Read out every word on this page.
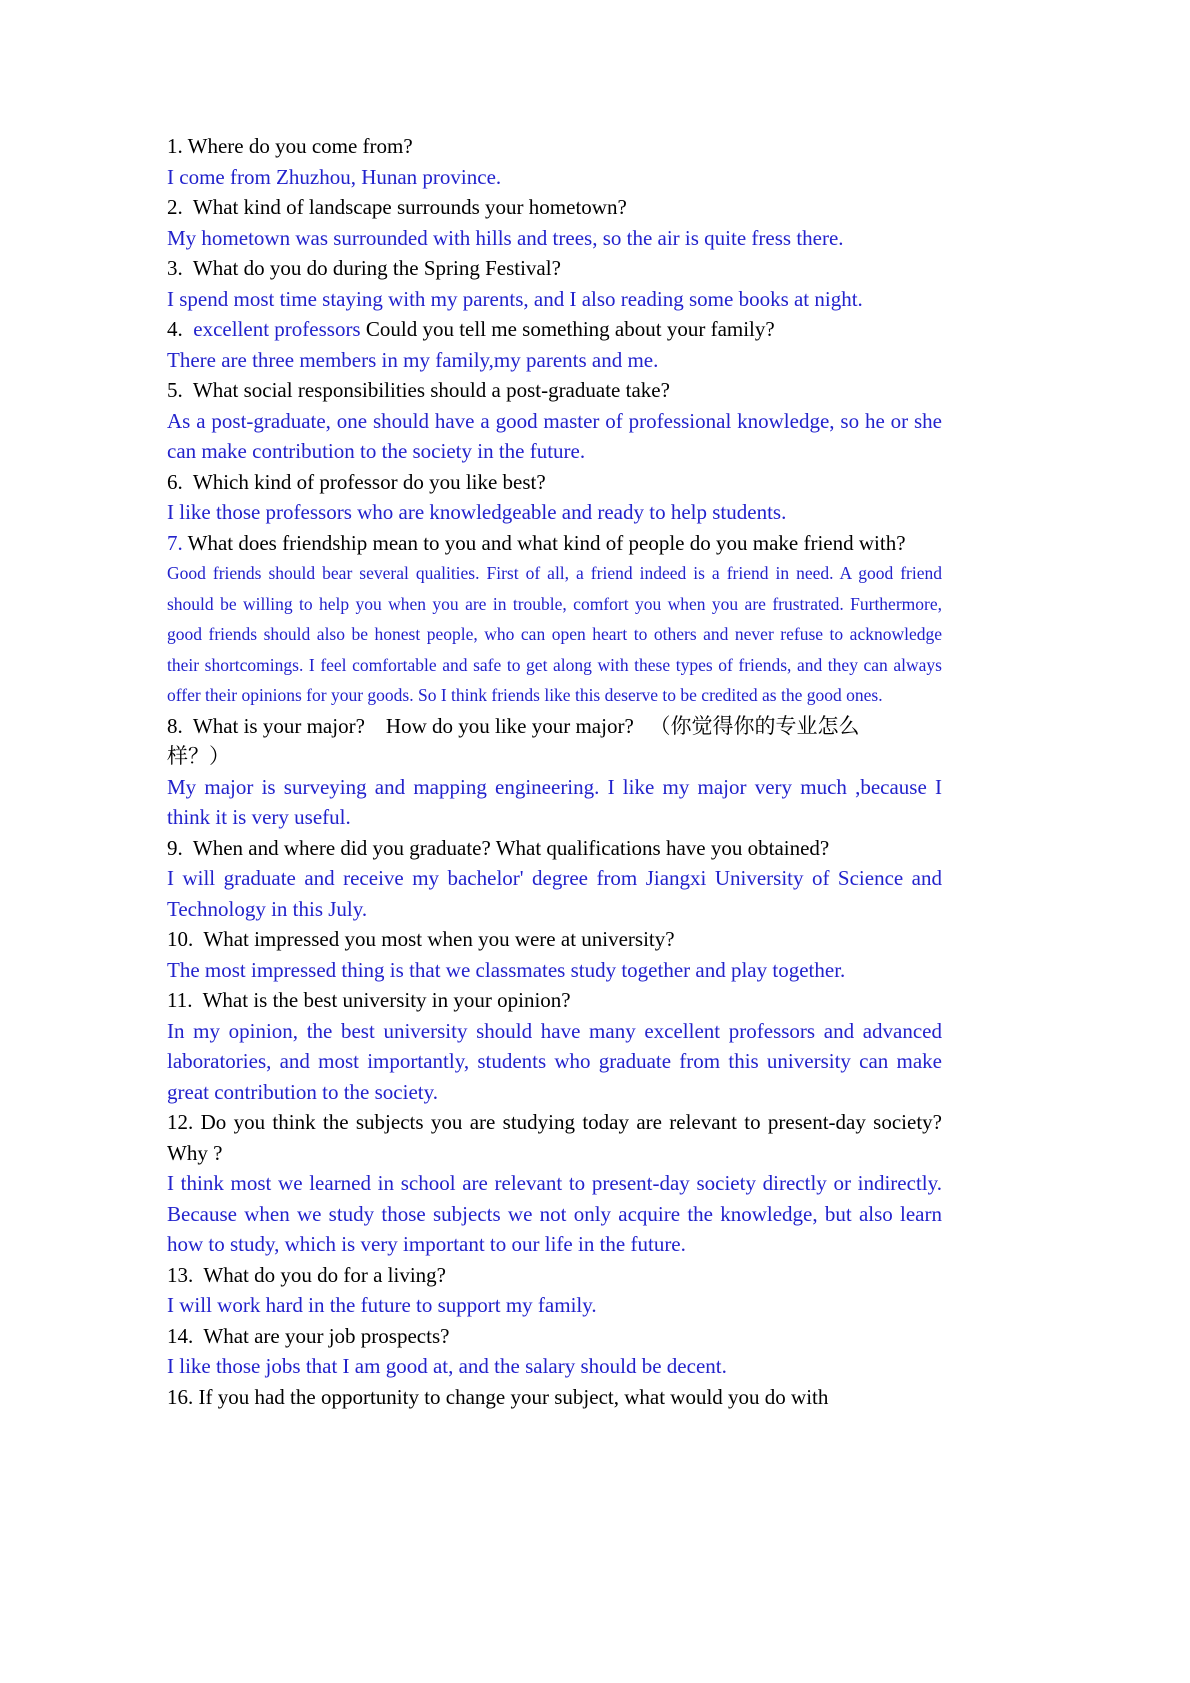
1. Where do you come from?

I come from Zhuzhou, Hunan province.

2.  What kind of landscape surrounds your hometown?

My hometown was surrounded with hills and trees, so the air is quite fress there.

3.  What do you do during the Spring Festival?

I spend most time staying with my parents, and I also reading some books at night.

4.  excellent professors Could you tell me something about your family?

There are three members in my family,my parents and me.

5.  What social responsibilities should a post-graduate take?

As a post-graduate, one should have a good master of professional knowledge, so he or she can make contribution to the society in the future.

6.  Which kind of professor do you like best?

I like those professors who are knowledgeable and ready to help students.

7. What does friendship mean to you and what kind of people do you make friend with?

Good friends should bear several qualities. First of all, a friend indeed is a friend in need. A good friend should be willing to help you when you are in trouble, comfort you when you are frustrated. Furthermore, good friends should also be honest people, who can open heart to others and never refuse to acknowledge their shortcomings. I feel comfortable and safe to get along with these types of friends, and they can always offer their opinions for your goods. So I think friends like this deserve to be credited as the good ones.

8.  What is your major?    How do you like your major?   （你觉得你的专业怎么
样？）

My major is surveying and mapping engineering. I like my major very much ,because I think it is very useful.

9.  When and where did you graduate? What qualifications have you obtained?

I will graduate and receive my bachelor' degree from Jiangxi University of Science and Technology in this July.

10.  What impressed you most when you were at university?

The most impressed thing is that we classmates study together and play together.

11.  What is the best university in your opinion?

In my opinion, the best university should have many excellent professors and advanced laboratories, and most importantly, students who graduate from this university can make great contribution to the society.

12. Do you think the subjects you are studying today are relevant to present-day society? Why ?

I think most we learned in school are relevant to present-day society directly or indirectly. Because when we study those subjects we not only acquire the knowledge, but also learn how to study, which is very important to our life in the future.

13.  What do you do for a living?

I will work hard in the future to support my family.

14.  What are your job prospects?

I like those jobs that I am good at, and the salary should be decent.

16. If you had the opportunity to change your subject, what would you do with
